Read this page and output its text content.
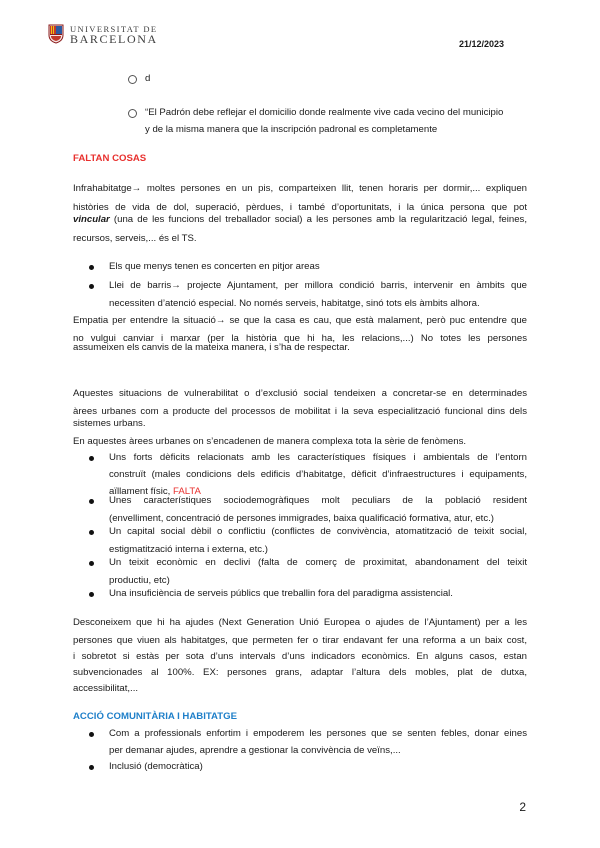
UNIVERSITAT DE
BARCELONA	21/12/2023
d
“El Padrón debe reflejar el domicilio donde realmente vive cada vecino del municipio
y de la misma manera que la inscripción padronal es completamente
FALTAN COSAS
Infrahabitatge→ moltes persones en un pis, comparteixen llit, tenen horaris per dormir,... expliquen
històries de vida de dol, superació, pèrdues, i també d’oportunitats, i la única persona que pot
vincular (una de les funcions del treballador social) a les persones amb la regularització legal, feines,
recursos, serveis,... és el TS.
Els que menys tenen es concerten en pitjor areas
Llei de barris→ projecte Ajuntament, per millora condició barris, intervenir en àmbits que
necessiten d’atenció especial. No només serveis, habitatge, sinó tots els àmbits alhora.
Empatia per entendre la situació→ se que la casa es cau, que està malament, però puc entendre que
no vulgui canviar i marxar (per la història que hi ha, les relacions,...) No totes les persones
assumeixen els canvis de la mateixa manera, i s’ha de respectar.
Aquestes situacions de vulnerabilitat o d’exclusió social tendeixen a concretar-se en determinades
àrees urbanes com a producte del processos de mobilitat i la seva especialització funcional dins dels
sistemes urbans.
En aquestes àrees urbanes on s’encadenen de manera complexa tota la sèrie de fenòmens.
Uns forts dèficits relacionats amb les característiques físiques i ambientals de l’entorn
construït (males condicions dels edificis d’habitatge, dèficit d’infraestructures i equipaments,
aïllament físic, FALTA
Unes característiques sociodemogràfiques molt peculiars de la població resident
(envelliment, concentració de persones immigrades, baixa qualificació formativa, atur, etc.)
Un capital social dèbil o conflictiu (conflictes de convivència, atomatització de teixit social,
estigmatització interna i externa, etc.)
Un teixit econòmic en declivi (falta de comerç de proximitat, abandonament del teixit
productiu, etc)
Una insuficiència de serveis públics que treballin fora del paradigma assistencial.
Desconeixem que hi ha ajudes (Next Generation Unió Europea o ajudes de l’Ajuntament) per a les
persones que viuen als habitatges, que permeten fer o tirar endavant fer una reforma a un baix cost,
i sobretot si estàs per sota d’uns intervals d’uns indicadors econòmics. En alguns casos, estan
subvencionades al 100%. EX: persones grans, adaptar l’altura dels mobles, plat de dutxa,
accessibilitat,...
ACCIÓ COMUNITÀRIA I HABITATGE
Com a professionals enfortim i empoderem les persones que se senten febles, donar eines
per demanar ajudes, aprendre a gestionar la convivència de veïns,...
Inclusió (democràtica)
2
